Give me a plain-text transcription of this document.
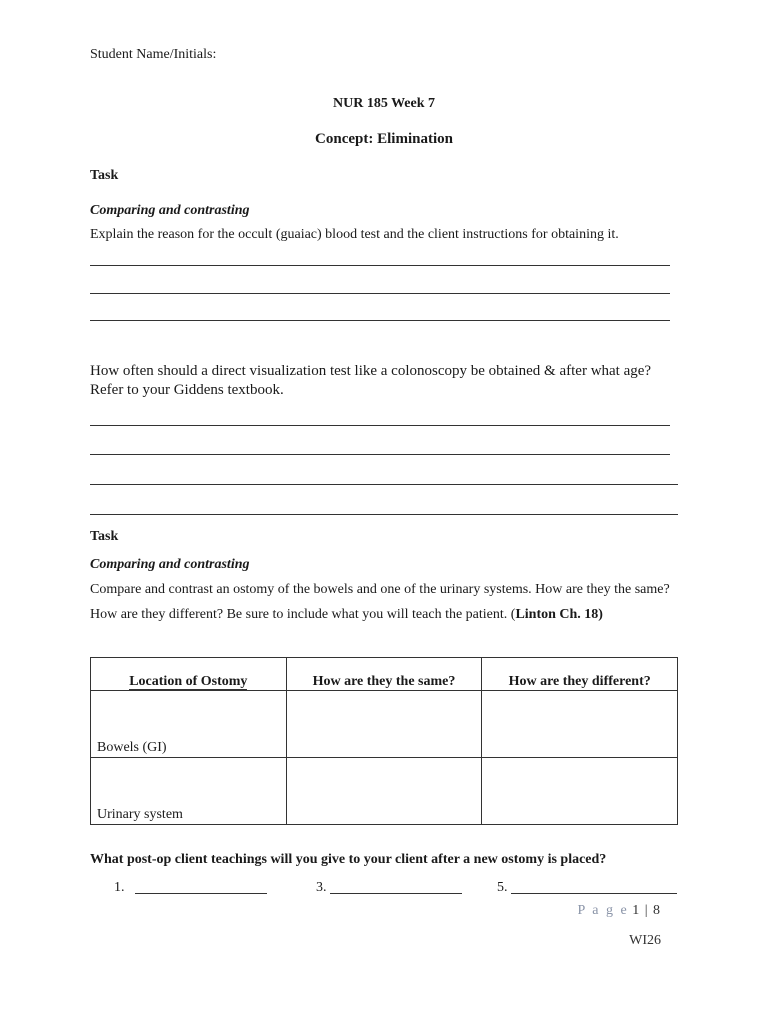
Student Name/Initials:
NUR 185 Week 7
Concept: Elimination
Task
Comparing and contrasting
Explain the reason for the occult (guaiac) blood test and the client instructions for obtaining it.
How often should a direct visualization test like a colonoscopy be obtained & after what age?
Refer to your Giddens textbook.
Task
Comparing and contrasting
Compare and contrast an ostomy of the bowels and one of the urinary systems. How are they the same?
How are they different? Be sure to include what you will teach the patient. (Linton Ch. 18)
Location of Ostomy	How are they the same?	How are they different?
Bowels (GI)		
Urinary system		
What post-op client teachings will you give to your client after a new ostomy is placed?
1.	3.	5.
P a g e 1 | 8
WI26
